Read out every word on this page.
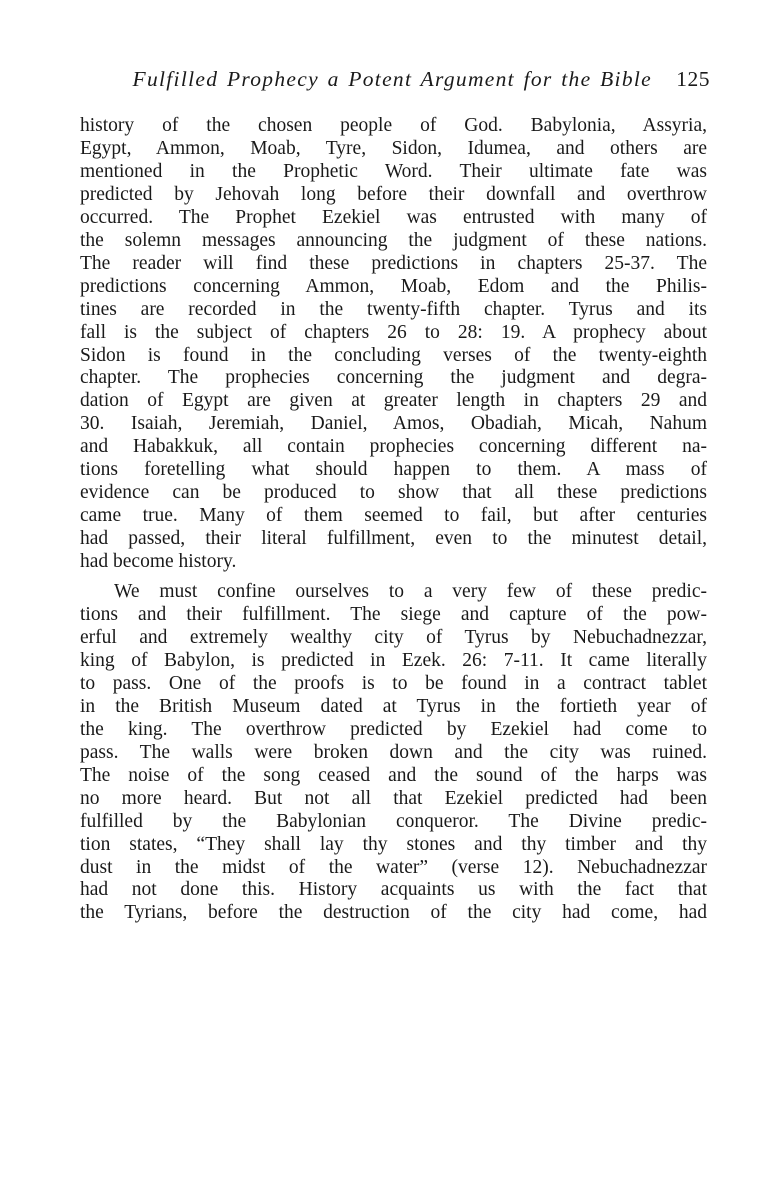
Fulfilled Prophecy a Potent Argument for the Bible 125
history of the chosen people of God. Babylonia, Assyria,
Egypt, Ammon, Moab, Tyre, Sidon, Idumea, and others are
mentioned in the Prophetic Word. Their ultimate fate was
predicted by Jehovah long before their downfall and overthrow
occurred. The Prophet Ezekiel was entrusted with many of
the solemn messages announcing the judgment of these nations.
The reader will find these predictions in chapters 25-37. The
predictions concerning Ammon, Moab, Edom and the Philis-
tines are recorded in the twenty-fifth chapter. Tyrus and its
fall is the subject of chapters 26 to 28: 19. A prophecy about
Sidon is found in the concluding verses of the twenty-eighth
chapter. The prophecies concerning the judgment and degra-
dation of Egypt are given at greater length in chapters 29 and
30. Isaiah, Jeremiah, Daniel, Amos, Obadiah, Micah, Nahum
and Habakkuk, all contain prophecies concerning different na-
tions foretelling what should happen to them. A mass of
evidence can be produced to show that all these predictions
came true. Many of them seemed to fail, but after centuries
had passed, their literal fulfillment, even to the minutest detail,
had become history.
We must confine ourselves to a very few of these predic-
tions and their fulfillment. The siege and capture of the pow-
erful and extremely wealthy city of Tyrus by Nebuchadnezzar,
king of Babylon, is predicted in Ezek. 26: 7-11. It came literally
to pass. One of the proofs is to be found in a contract tablet
in the British Museum dated at Tyrus in the fortieth year of
the king. The overthrow predicted by Ezekiel had come to
pass. The walls were broken down and the city was ruined.
The noise of the song ceased and the sound of the harps was
no more heard. But not all that Ezekiel predicted had been
fulfilled by the Babylonian conqueror. The Divine predic-
tion states, “They shall lay thy stones and thy timber and thy
dust in the midst of the water” (verse 12). Nebuchadnezzar
had not done this. History acquaints us with the fact that
the Tyrians, before the destruction of the city had come, had
